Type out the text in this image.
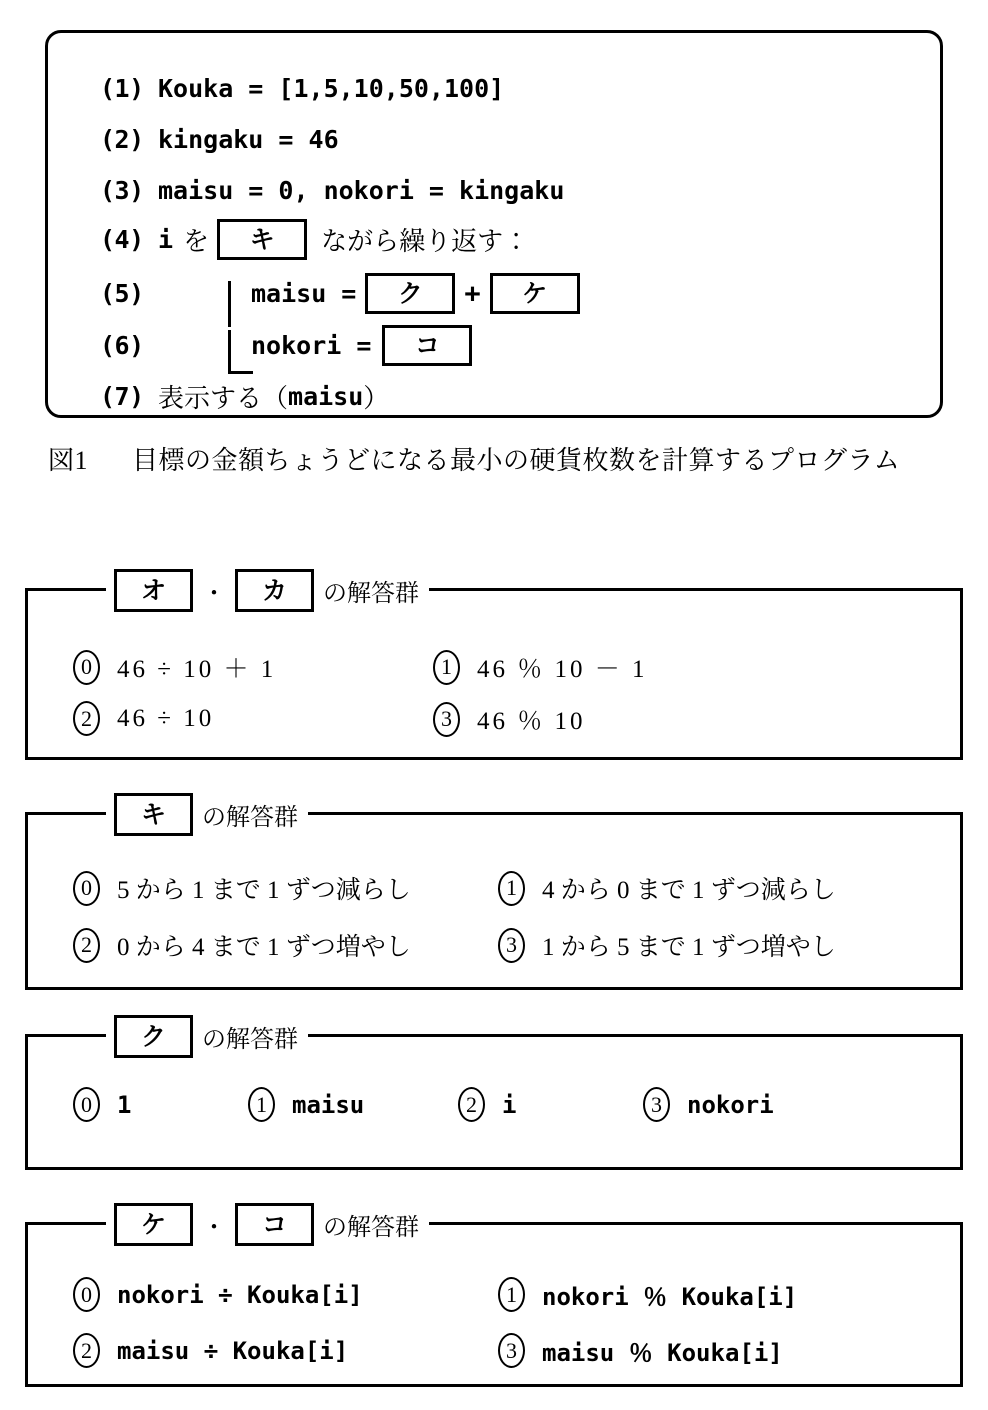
(1) Kouka = [1,5,10,50,100]
(2) kingaku = 46
(3) maisu = 0, nokori = kingaku
(4) i を	キ	ながら繰り返す：
(5)	maisu =	ク	+	ケ
(6)	nokori =	コ
(7) 表示する（ maisu ）
図1 目標の金額ちょうどになる最小の硬貨枚数を計算するプログラム
オ	・	カ	の解答群
0	46 ÷ 10 ＋ 1	1	46 ％ 10 － 1
2	46 ÷ 10	3	46 ％ 10
キ	の解答群
0	5 から 1 まで 1 ずつ減らし	1	4 から 0 まで 1 ずつ減らし
2	0 から 4 まで 1 ずつ増やし	3	1 から 5 まで 1 ずつ増やし
ク	の解答群
0	1	1	maisu	2	i	3	nokori
ケ	・	コ	の解答群
0	nokori ÷ Kouka[i]	1	nokori ％ Kouka[i]
2	maisu ÷ Kouka[i]	3	maisu ％ Kouka[i]
